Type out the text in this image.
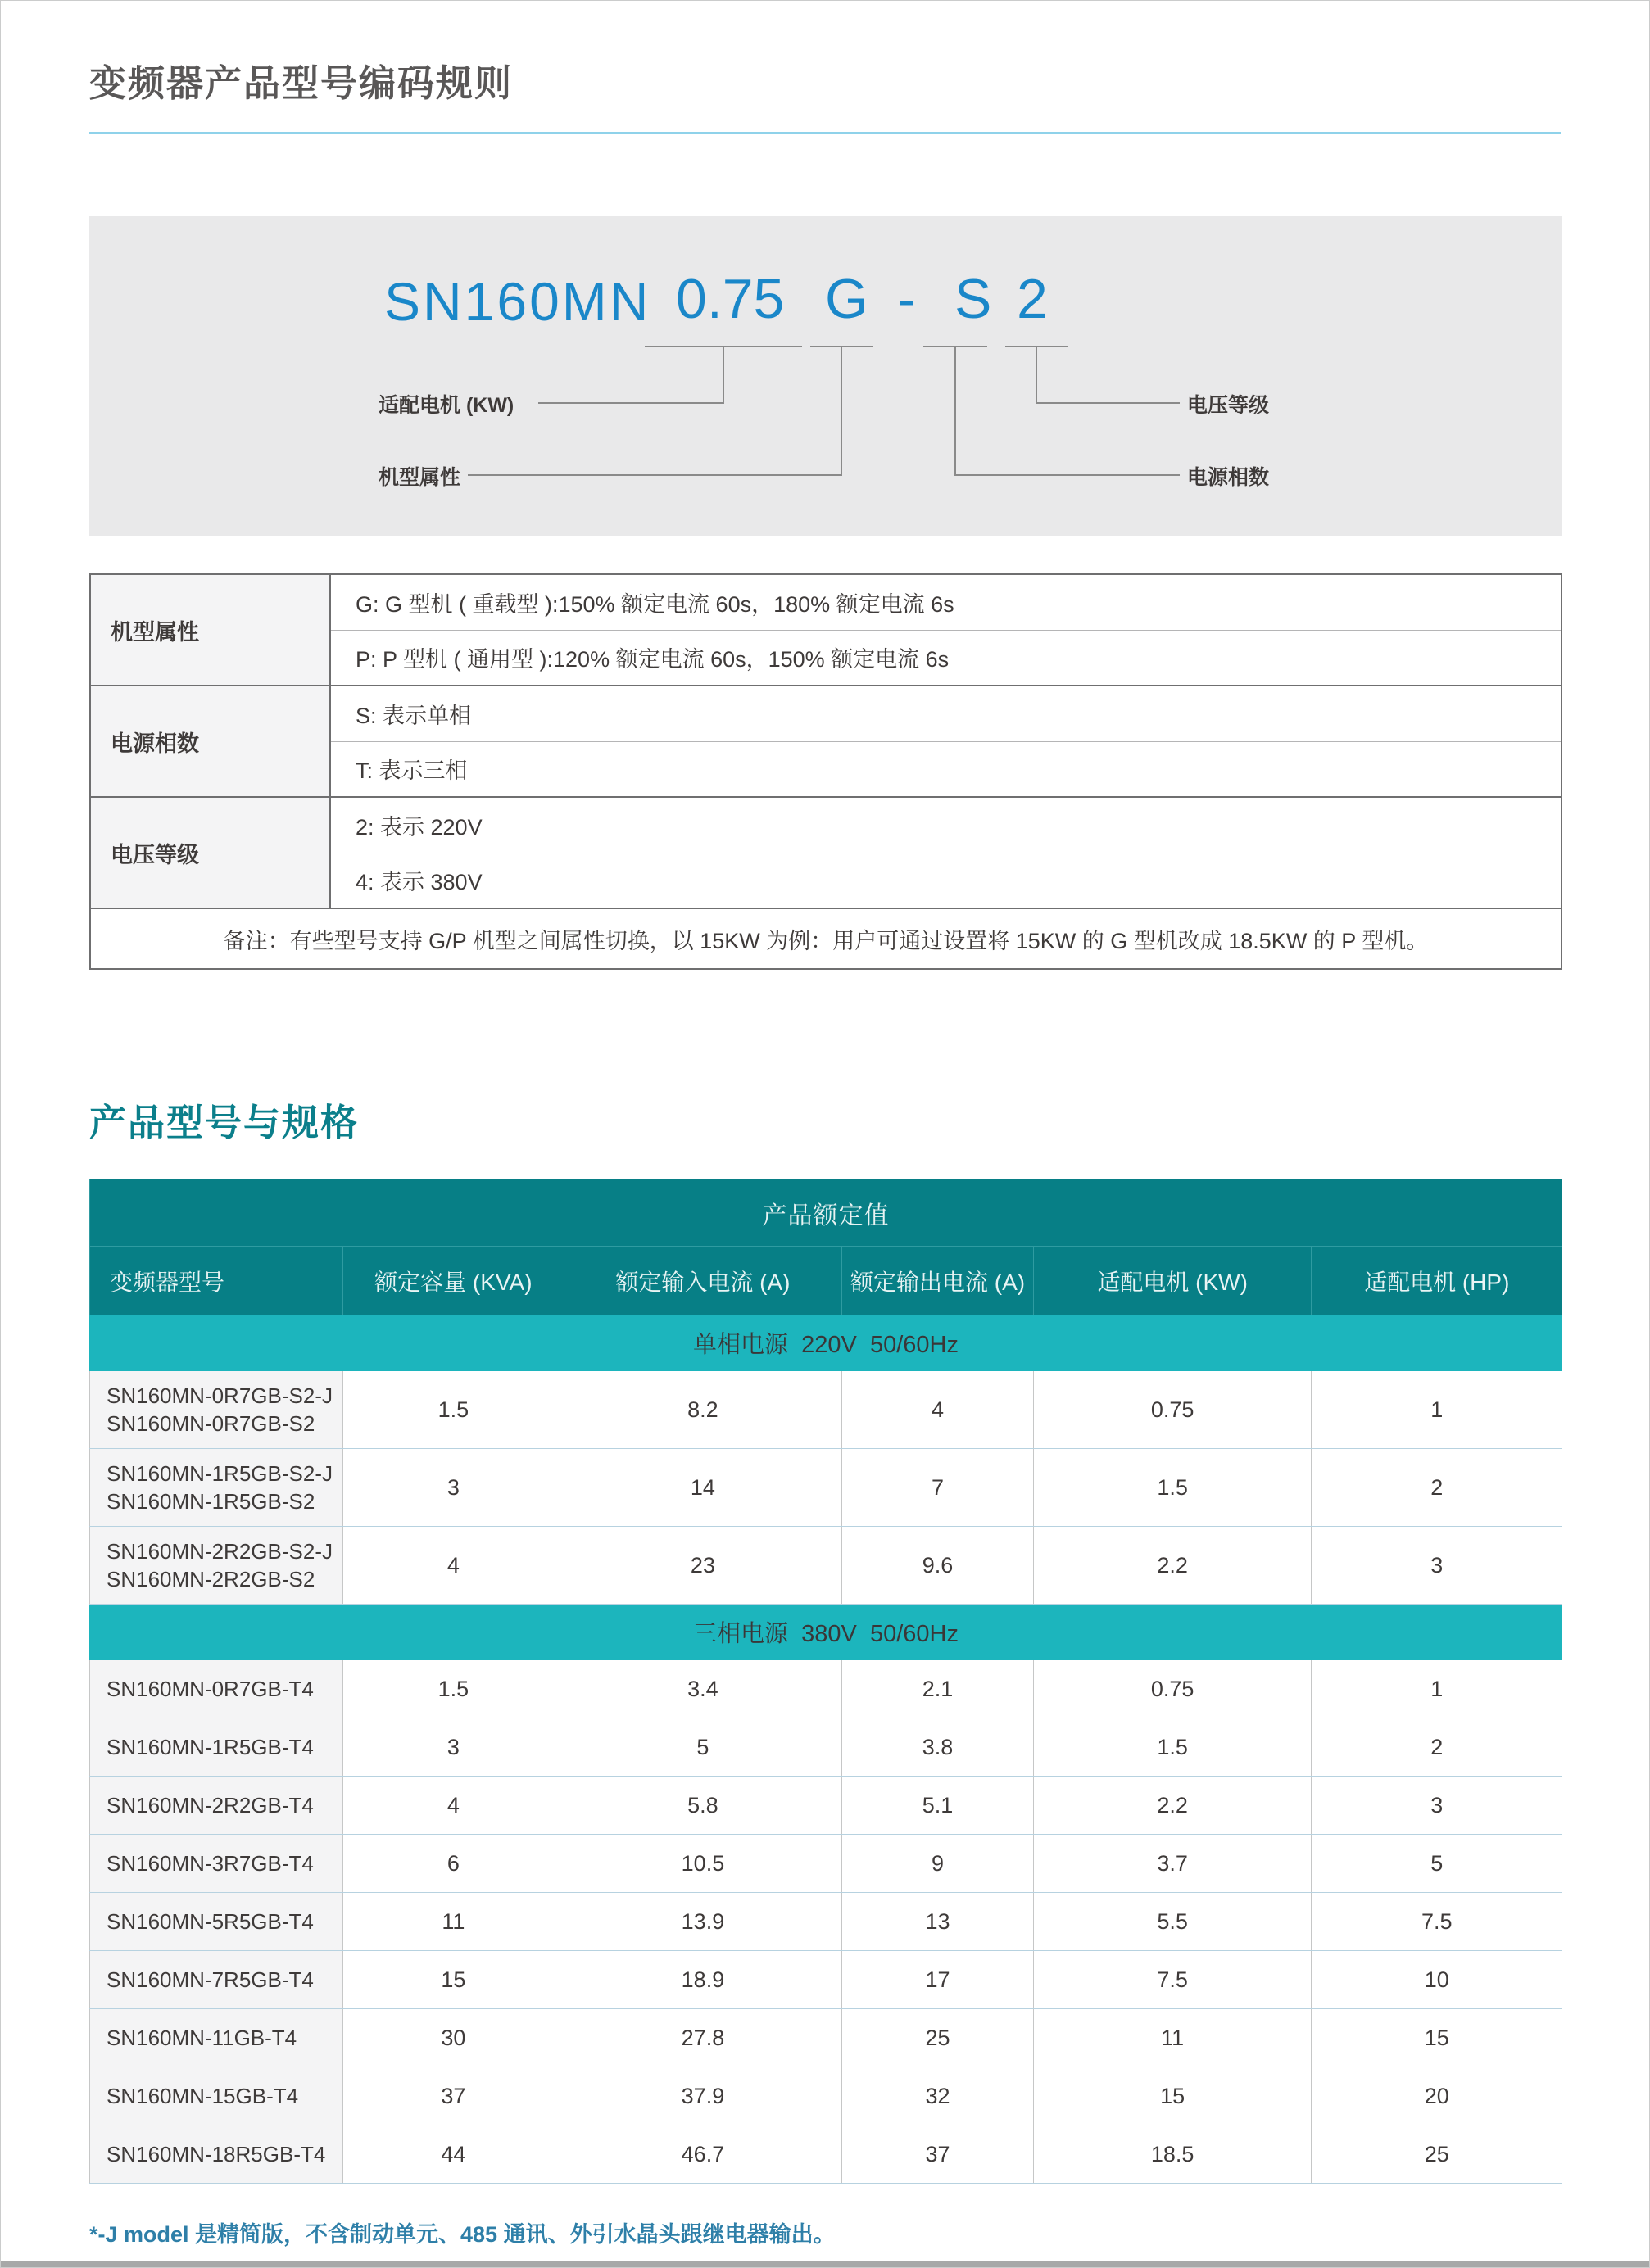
变频器产品型号编码规则
SN160MN 0.75 G - S 2
适配电机 (KW)
机型属性
电压等级
电源相数
机型属性	G: G 型机 ( 重载型 ):150% 额定电流 60s，180% 额定电流 6s
	P: P 型机 ( 通用型 ):120% 额定电流 60s，150% 额定电流 6s
电源相数	S: 表示单相
	T: 表示三相
电压等级	2: 表示 220V
	4: 表示 380V
备注：有些型号支持 G/P 机型之间属性切换，以 15KW 为例：用户可通过设置将 15KW 的 G 型机改成 18.5KW 的 P 型机。	
产品型号与规格
产品额定值					
变频器型号	额定容量 (KVA)	额定输入电流 (A)	额定输出电流 (A)	适配电机 (KW)	适配电机 (HP)
单相电源  220V  50/60Hz					

SN160MN-0R7GB-S2-J
SN160MN-0R7GB-S2	1.5	8.2	4	0.75	1

SN160MN-1R5GB-S2-J
SN160MN-1R5GB-S2	3	14	7	1.5	2

SN160MN-2R2GB-S2-J
SN160MN-2R2GB-S2	4	23	9.6	2.2	3
三相电源  380V  50/60Hz					

SN160MN-0R7GB-T4	1.5	3.4	2.1	0.75	1

SN160MN-1R5GB-T4	3	5	3.8	1.5	2

SN160MN-2R2GB-T4	4	5.8	5.1	2.2	3

SN160MN-3R7GB-T4	6	10.5	9	3.7	5

SN160MN-5R5GB-T4	11	13.9	13	5.5	7.5

SN160MN-7R5GB-T4	15	18.9	17	7.5	10

SN160MN-11GB-T4	30	27.8	25	11	15

SN160MN-15GB-T4	37	37.9	32	15	20

SN160MN-18R5GB-T4	44	46.7	37	18.5	25

*-J model 是精简版，不含制动单元、485 通讯、外引水晶头跟继电器输出。
